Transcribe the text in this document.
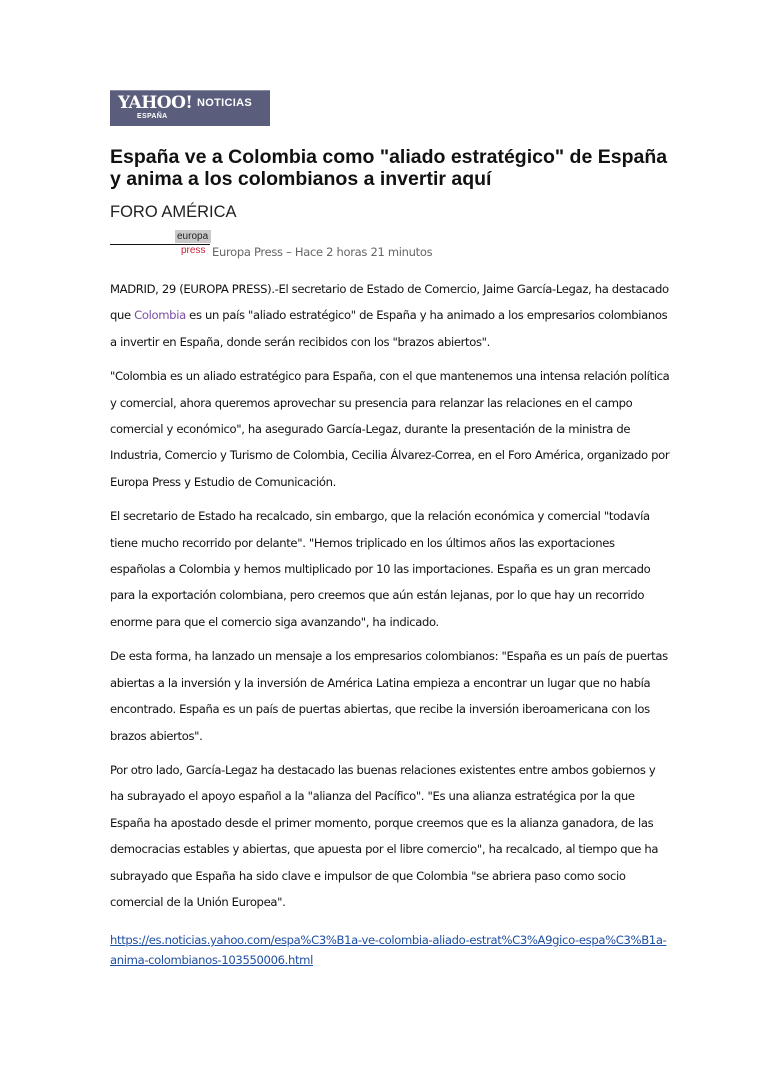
YAHOO! NOTICIAS
ESPAÑA
España ve a Colombia como "aliado estratégico" de España y anima a los colombianos a invertir aquí
FORO AMÉRICA
europa
press Europa Press – Hace 2 horas 21 minutos

MADRID, 29 (EUROPA PRESS).-El secretario de Estado de Comercio, Jaime García-Legaz, ha destacado que Colombia es un país "aliado estratégico" de España y ha animado a los empresarios colombianos a invertir en España, donde serán recibidos con los "brazos abiertos".

"Colombia es un aliado estratégico para España, con el que mantenemos una intensa relación política y comercial, ahora queremos aprovechar su presencia para relanzar las relaciones en el campo comercial y económico", ha asegurado García-Legaz, durante la presentación de la ministra de Industria, Comercio y Turismo de Colombia, Cecilia Álvarez-Correa, en el Foro América, organizado por Europa Press y Estudio de Comunicación.

El secretario de Estado ha recalcado, sin embargo, que la relación económica y comercial "todavía tiene mucho recorrido por delante". "Hemos triplicado en los últimos años las exportaciones españolas a Colombia y hemos multiplicado por 10 las importaciones. España es un gran mercado para la exportación colombiana, pero creemos que aún están lejanas, por lo que hay un recorrido enorme para que el comercio siga avanzando", ha indicado.

De esta forma, ha lanzado un mensaje a los empresarios colombianos: "España es un país de puertas abiertas a la inversión y la inversión de América Latina empieza a encontrar un lugar que no había encontrado. España es un país de puertas abiertas, que recibe la inversión iberoamericana con los brazos abiertos".

Por otro lado, García-Legaz ha destacado las buenas relaciones existentes entre ambos gobiernos y ha subrayado el apoyo español a la "alianza del Pacífico". "Es una alianza estratégica por la que España ha apostado desde el primer momento, porque creemos que es la alianza ganadora, de las democracias estables y abiertas, que apuesta por el libre comercio", ha recalcado, al tiempo que ha subrayado que España ha sido clave e impulsor de que Colombia "se abriera paso como socio comercial de la Unión Europea".

https://es.noticias.yahoo.com/espa%C3%B1a-ve-colombia-aliado-estrat%C3%A9gico-espa%C3%B1a-anima-colombianos-103550006.html
